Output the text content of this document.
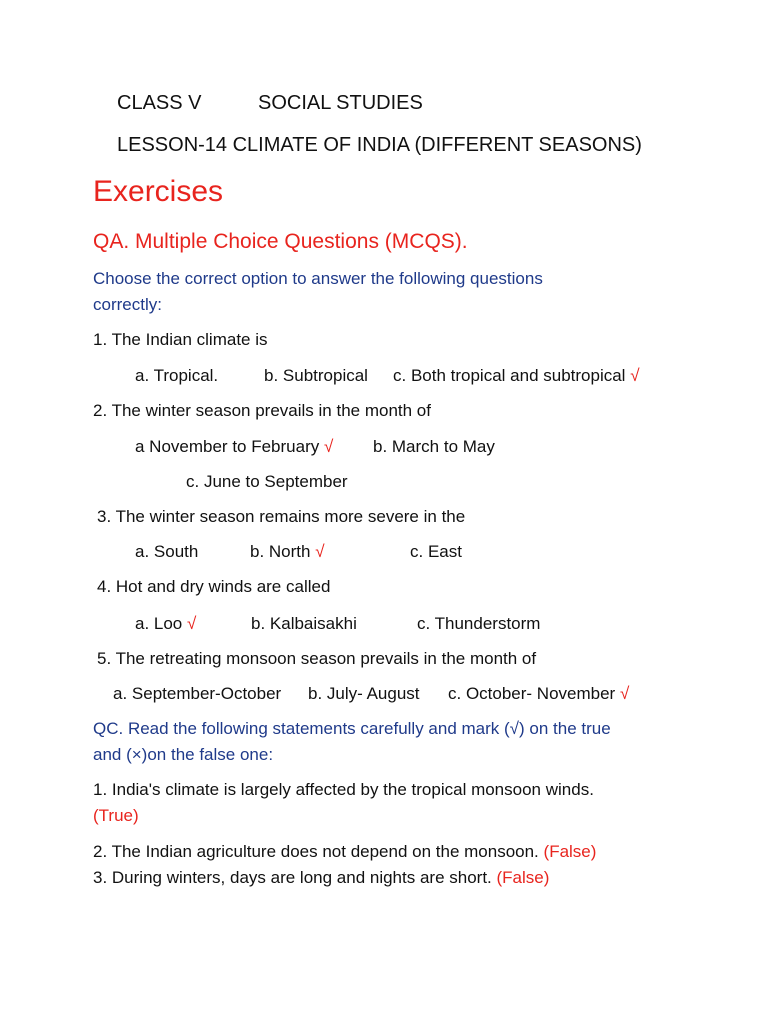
CLASS V	SOCIAL STUDIES
LESSON-14 CLIMATE OF INDIA (DIFFERENT SEASONS)
Exercises
QA. Multiple Choice Questions (MCQS).
Choose the correct option to answer the following questions
correctly:
1. The Indian climate is
a. Tropical.	b. Subtropical c. Both tropical and subtropical √
2. The winter season prevails in the month of
a November to February √ b. March to May
c. June to September
3. The winter season remains more severe in the
a. South	b. North √	c. East
4. Hot and dry winds are called
a. Loo √	b. Kalbaisakhi	c. Thunderstorm
5. The retreating monsoon season prevails in the month of
a. September-October b. July- August c. October- November √
QC. Read the following statements carefully and mark (√) on the true
and (×)on the false one:
1. India's climate is largely affected by the tropical monsoon winds.
(True)
2. The Indian agriculture does not depend on the monsoon. (False)
3. During winters, days are long and nights are short. (False)
